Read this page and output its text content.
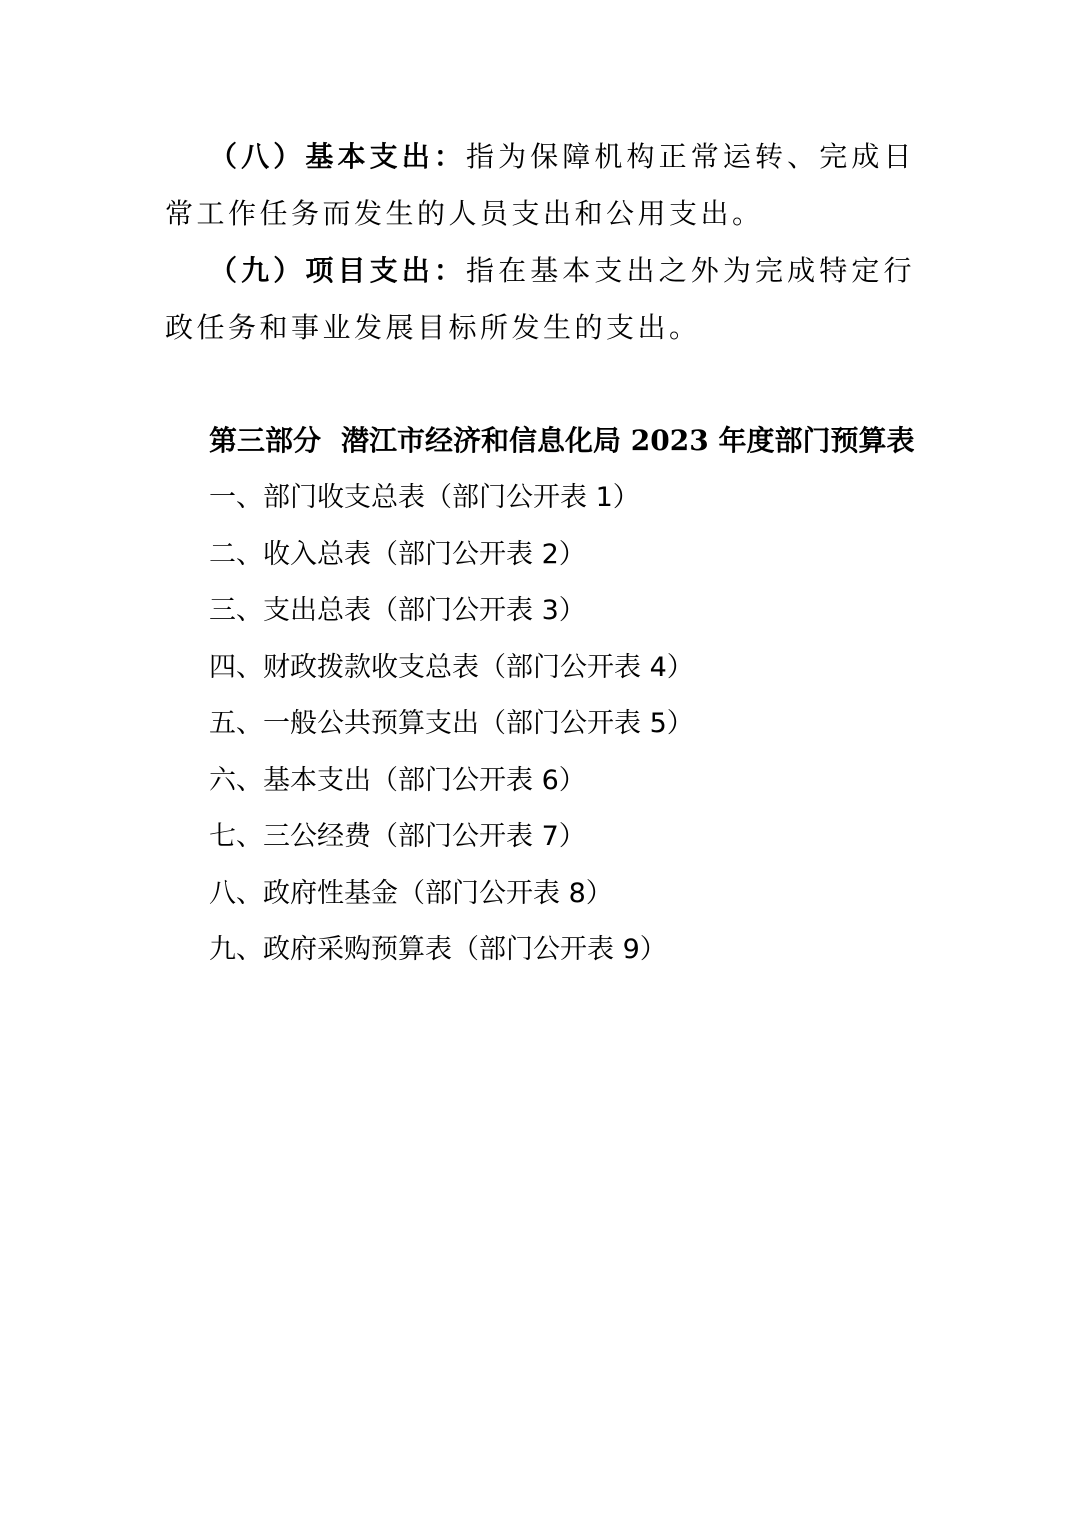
（八）基本支出：指为保障机构正常运转、完成日常工作任务而发生的人员支出和公用支出。

（九）项目支出：指在基本支出之外为完成特定行政任务和事业发展目标所发生的支出。

第三部分 潜江市经济和信息化局 2023 年度部门预算表
一、部门收支总表（部门公开表 1）
二、收入总表（部门公开表 2）
三、支出总表（部门公开表 3）
四、财政拨款收支总表（部门公开表 4）
五、一般公共预算支出（部门公开表 5）
六、基本支出（部门公开表 6）
七、三公经费（部门公开表 7）
八、政府性基金（部门公开表 8）
九、政府采购预算表（部门公开表 9）
